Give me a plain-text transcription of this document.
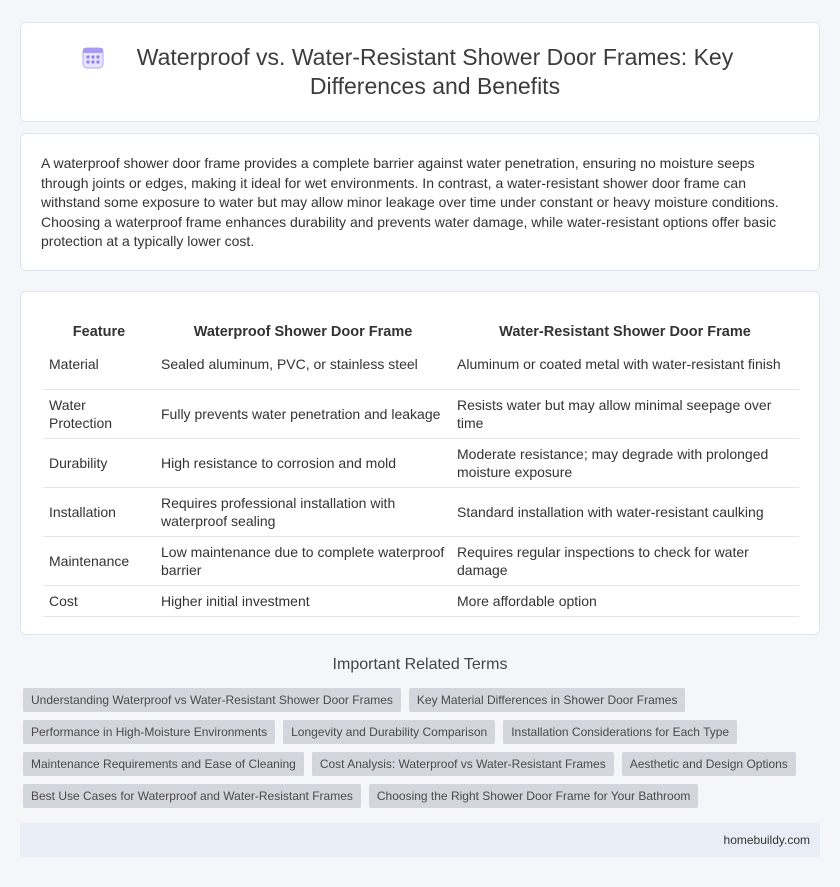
Waterproof vs. Water-Resistant Shower Door Frames: Key Differences and Benefits

A waterproof shower door frame provides a complete barrier against water penetration, ensuring no moisture seeps through joints or edges, making it ideal for wet environments. In contrast, a water-resistant shower door frame can withstand some exposure to water but may allow minor leakage over time under constant or heavy moisture conditions. Choosing a waterproof frame enhances durability and prevents water damage, while water-resistant options offer basic protection at a typically lower cost.

Feature	Waterproof Shower Door Frame	Water-Resistant Shower Door Frame
Material	Sealed aluminum, PVC, or stainless steel	Aluminum or coated metal with water-resistant finish
Water Protection	Fully prevents water penetration and leakage	Resists water but may allow minimal seepage over time
Durability	High resistance to corrosion and mold	Moderate resistance; may degrade with prolonged moisture exposure
Installation	Requires professional installation with waterproof sealing	Standard installation with water-resistant caulking
Maintenance	Low maintenance due to complete waterproof barrier	Requires regular inspections to check for water damage
Cost	Higher initial investment	More affordable option
Important Related Terms
Understanding Waterproof vs Water-Resistant Shower Door Frames	Key Material Differences in Shower Door Frames
Performance in High-Moisture Environments	Longevity and Durability Comparison	Installation Considerations for Each Type
Maintenance Requirements and Ease of Cleaning	Cost Analysis: Waterproof vs Water-Resistant Frames	Aesthetic and Design Options
Best Use Cases for Waterproof and Water-Resistant Frames	Choosing the Right Shower Door Frame for Your Bathroom
homebuildy.com
